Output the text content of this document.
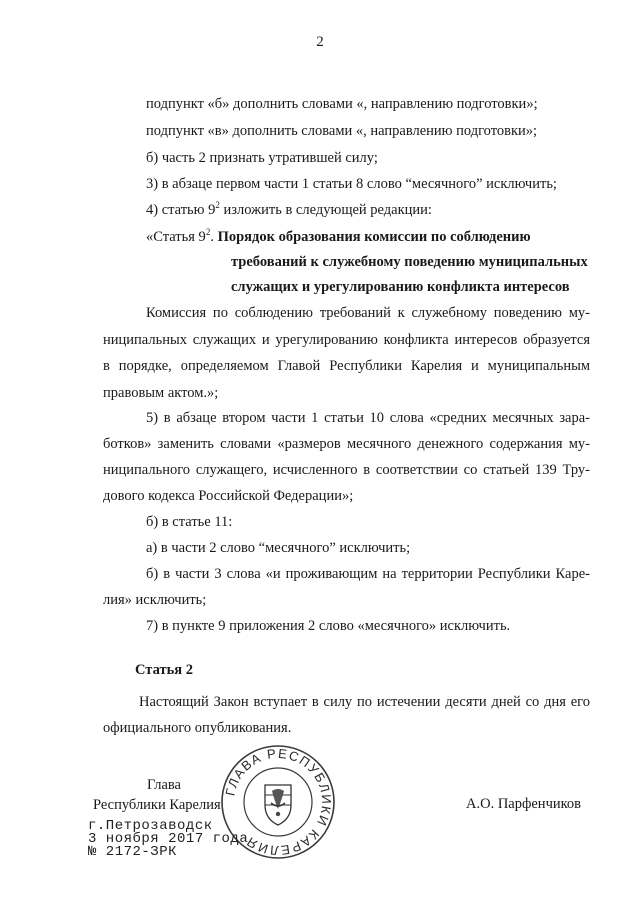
2
подпункт «б» дополнить словами «, направлению подготовки»;
подпункт «в» дополнить словами «, направлению подготовки»;
б) часть 2 признать утратившей силу;
3) в абзаце первом части 1 статьи 8 слово “месячного” исключить;
4) статью $9^2$ изложить в следующей редакции:
«Статья $9^2$. Порядок образования комиссии по соблюдению
требований к служебному поведению муниципальных
служащих и урегулированию конфликта интересов
Комиссия по соблюдению требований к служебному поведению му-
ниципальных служащих и урегулированию конфликта интересов образуется
в порядке, определяемом Главой Республики Карелия и муниципальным
правовым актом.»;
5) в абзаце втором части 1 статьи 10 слова «средних месячных зара-
ботков» заменить словами «размеров месячного денежного содержания му-
ниципального служащего, исчисленного в соответствии со статьей 139 Тру-
дового кодекса Российской Федерации»;
б) в статье 11:
а) в части 2 слово “месячного” исключить;
б) в части 3 слова «и проживающим на территории Республики Каре-
лия» исключить;
7) в пункте 9 приложения 2 слово «месячного» исключить.
Статья 2
Настоящий Закон вступает в силу по истечении десяти дней со дня его
официального опубликования.
ГЛАВА РЕСПУБЛИКИ КАРЕЛИЯ
Глава
Республики Карелия	А.О. Парфенчиков
г.Петрозаводск
3 ноября 2017 года
№ 2172-ЗРК
